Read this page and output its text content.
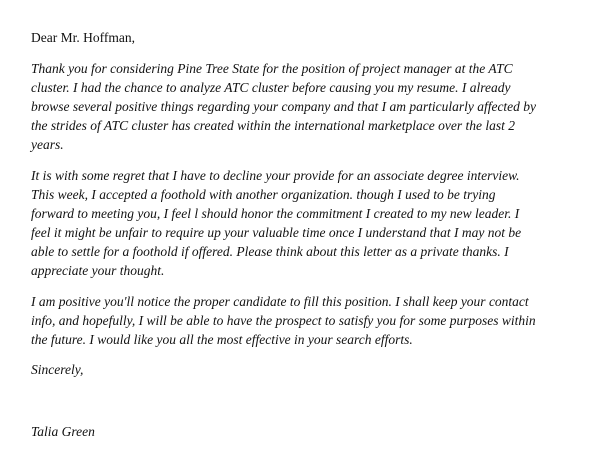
Dear Mr. Hoffman,

Thank you for considering Pine Tree State for the position of project manager at the ATC
cluster. I had the chance to analyze ATC cluster before causing you my resume. I already
browse several positive things regarding your company and that I am particularly affected by
the strides of ATC cluster has created within the international marketplace over the last 2
years.
It is with some regret that I have to decline your provide for an associate degree interview.
This week, I accepted a foothold with another organization. though I used to be trying
forward to meeting you, I feel l should honor the commitment I created to my new leader. I
feel it might be unfair to require up your valuable time once I understand that I may not be
able to settle for a foothold if offered. Please think about this letter as a private thanks. I
appreciate your thought.
I am positive you'll notice the proper candidate to fill this position. I shall keep your contact
info, and hopefully, I will be able to have the prospect to satisfy you for some purposes within
the future. I would like you all the most effective in your search efforts.

Sincerely,

Talia Green
